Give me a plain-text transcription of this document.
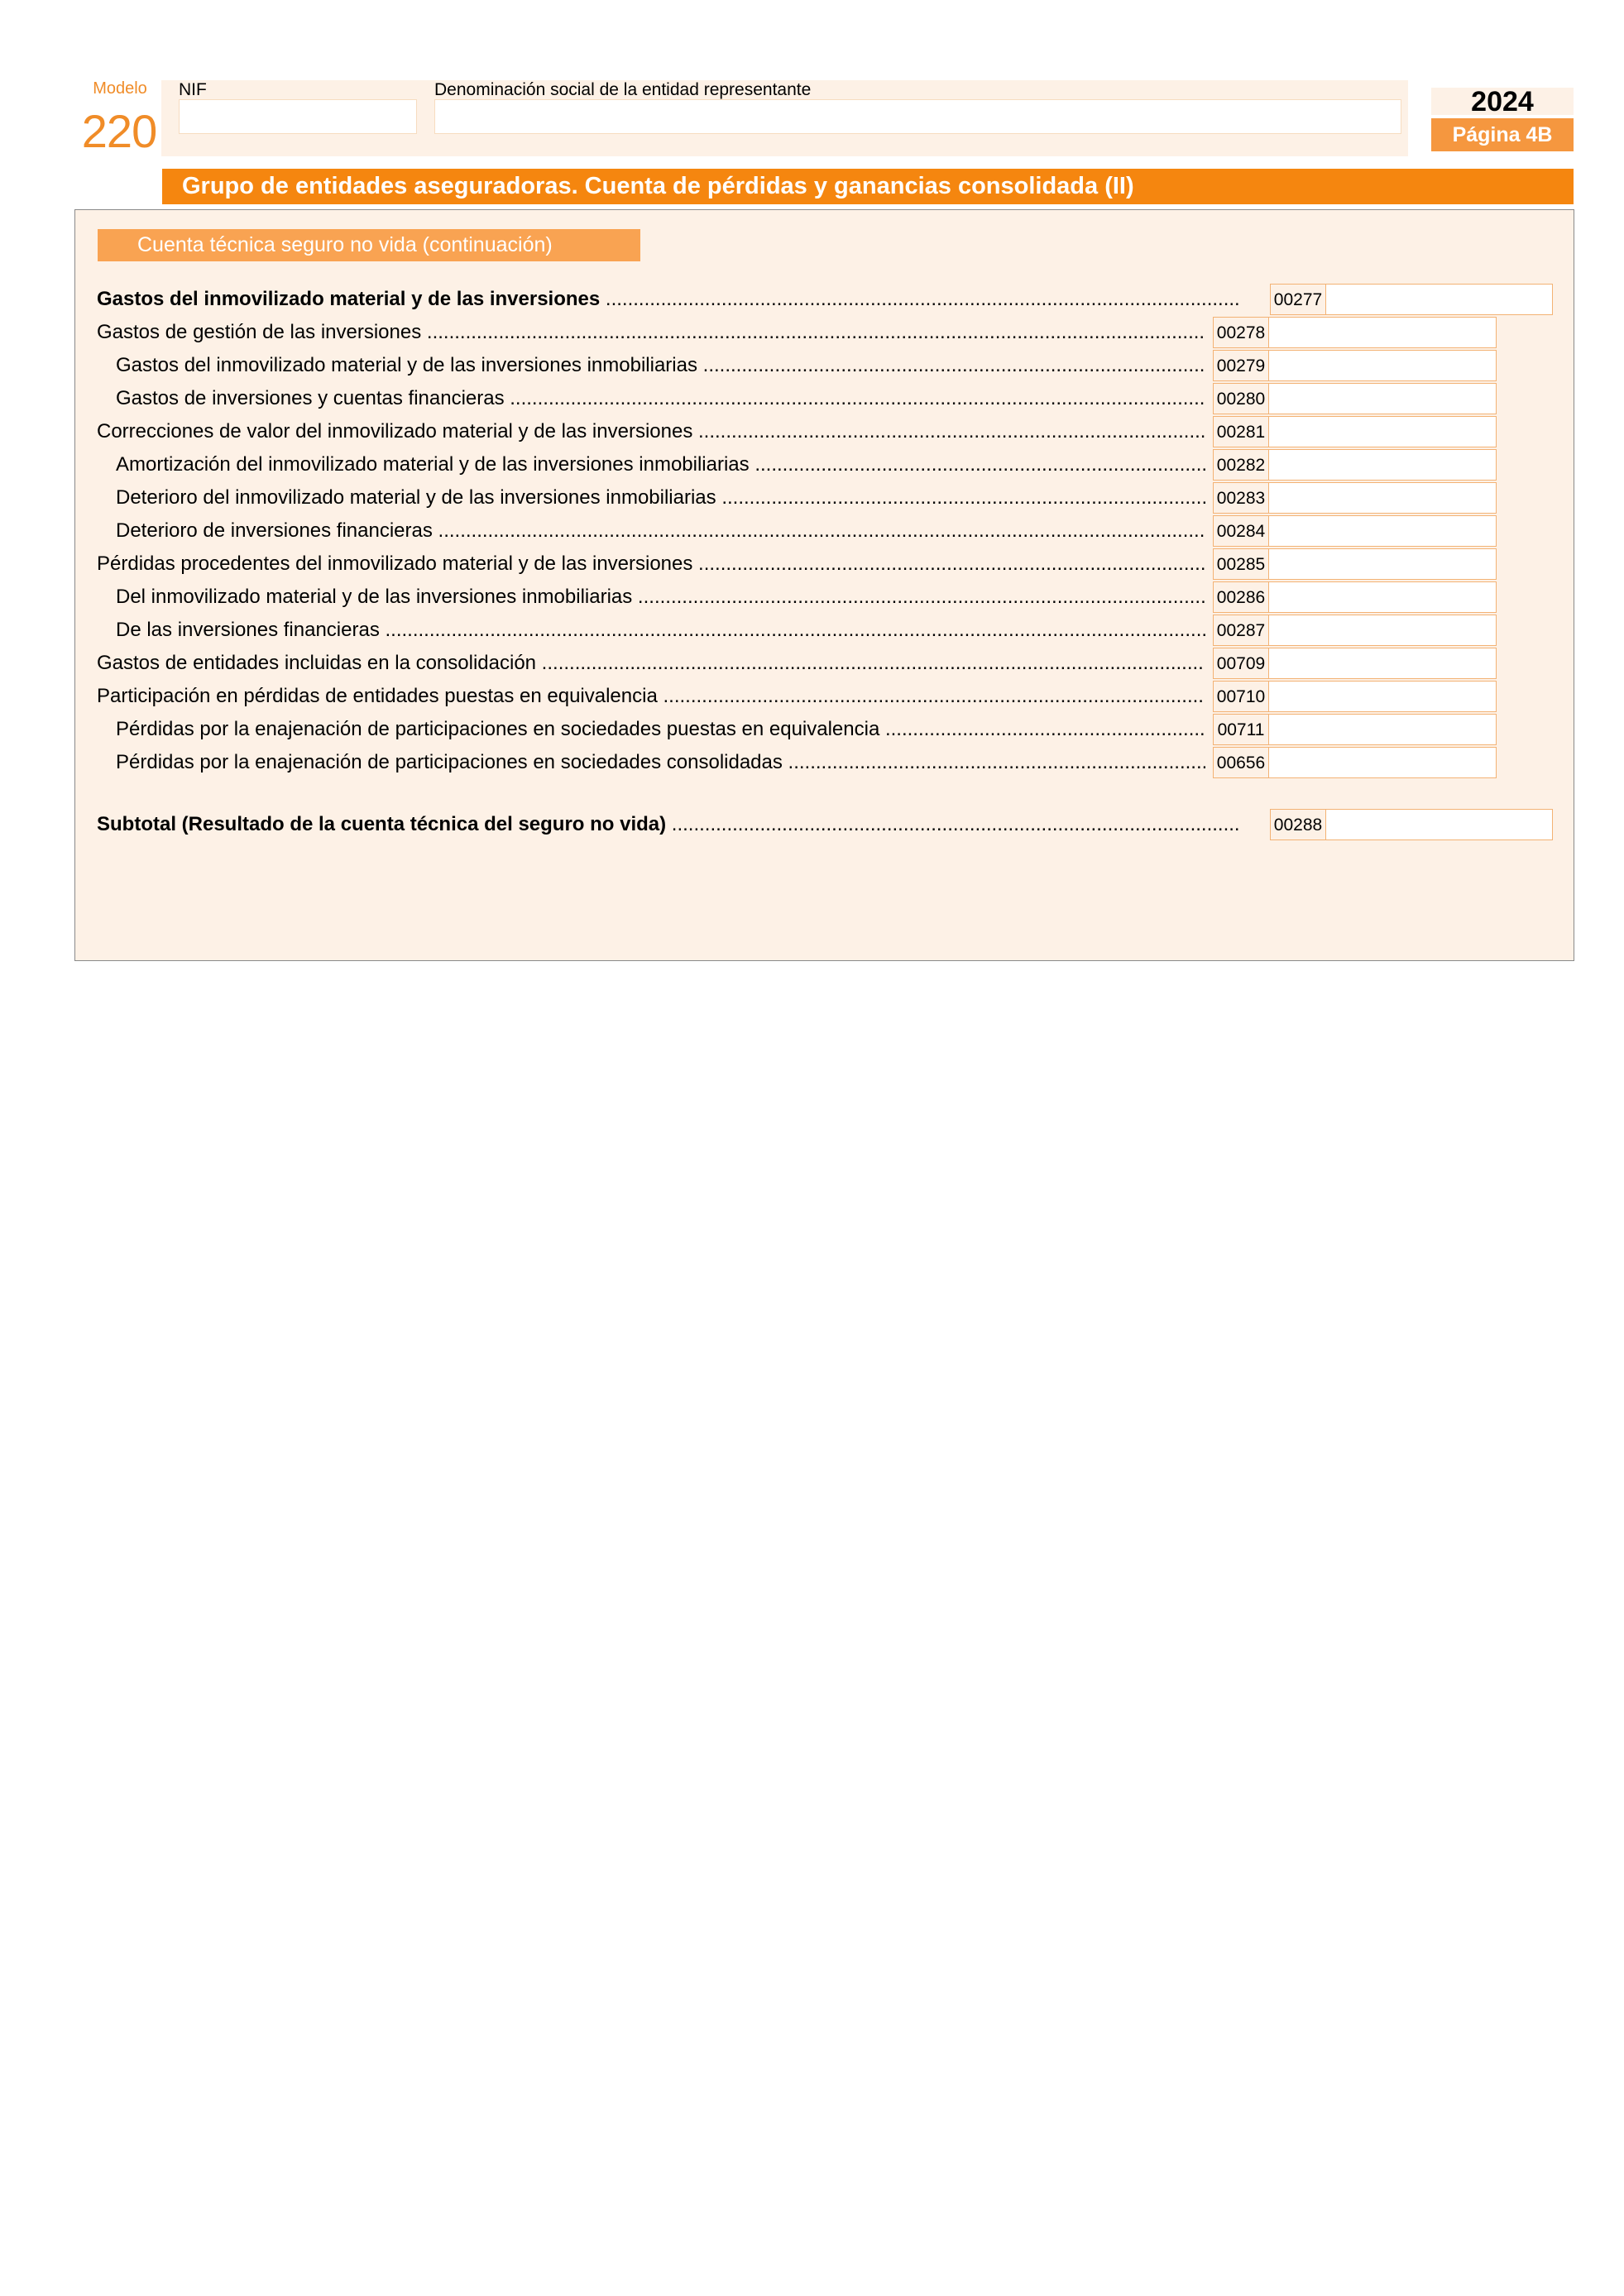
Modelo
220
NIF	Denominación social de la entidad representante	2024
Página 4B
Grupo de entidades aseguradoras. Cuenta de pérdidas y ganancias consolidada (II)
Cuenta técnica seguro no vida (continuación)
Gastos del inmovilizado material y de las inversiones .....	00277
Gastos de gestión de las inversiones .....	00278
Gastos del inmovilizado material y de las inversiones inmobiliarias .....	00279
Gastos de inversiones y cuentas financieras .....	00280
Correcciones de valor del inmovilizado material y de las inversiones .....	00281
Amortización del inmovilizado material y de las inversiones inmobiliarias .....	00282
Deterioro del inmovilizado material y de las inversiones inmobiliarias .....	00283
Deterioro de inversiones financieras .....	00284
Pérdidas procedentes del inmovilizado material y de las inversiones .....	00285
Del inmovilizado material y de las inversiones inmobiliarias .....	00286
De las inversiones financieras .....	00287
Gastos de entidades incluidas en la consolidación .....	00709
Participación en pérdidas de entidades puestas en equivalencia .....	00710
Pérdidas por la enajenación de participaciones en sociedades puestas en equivalencia .....	00711
Pérdidas por la enajenación de participaciones en sociedades consolidadas .....	00656
Subtotal (Resultado de la cuenta técnica del seguro no vida) .....	00288
